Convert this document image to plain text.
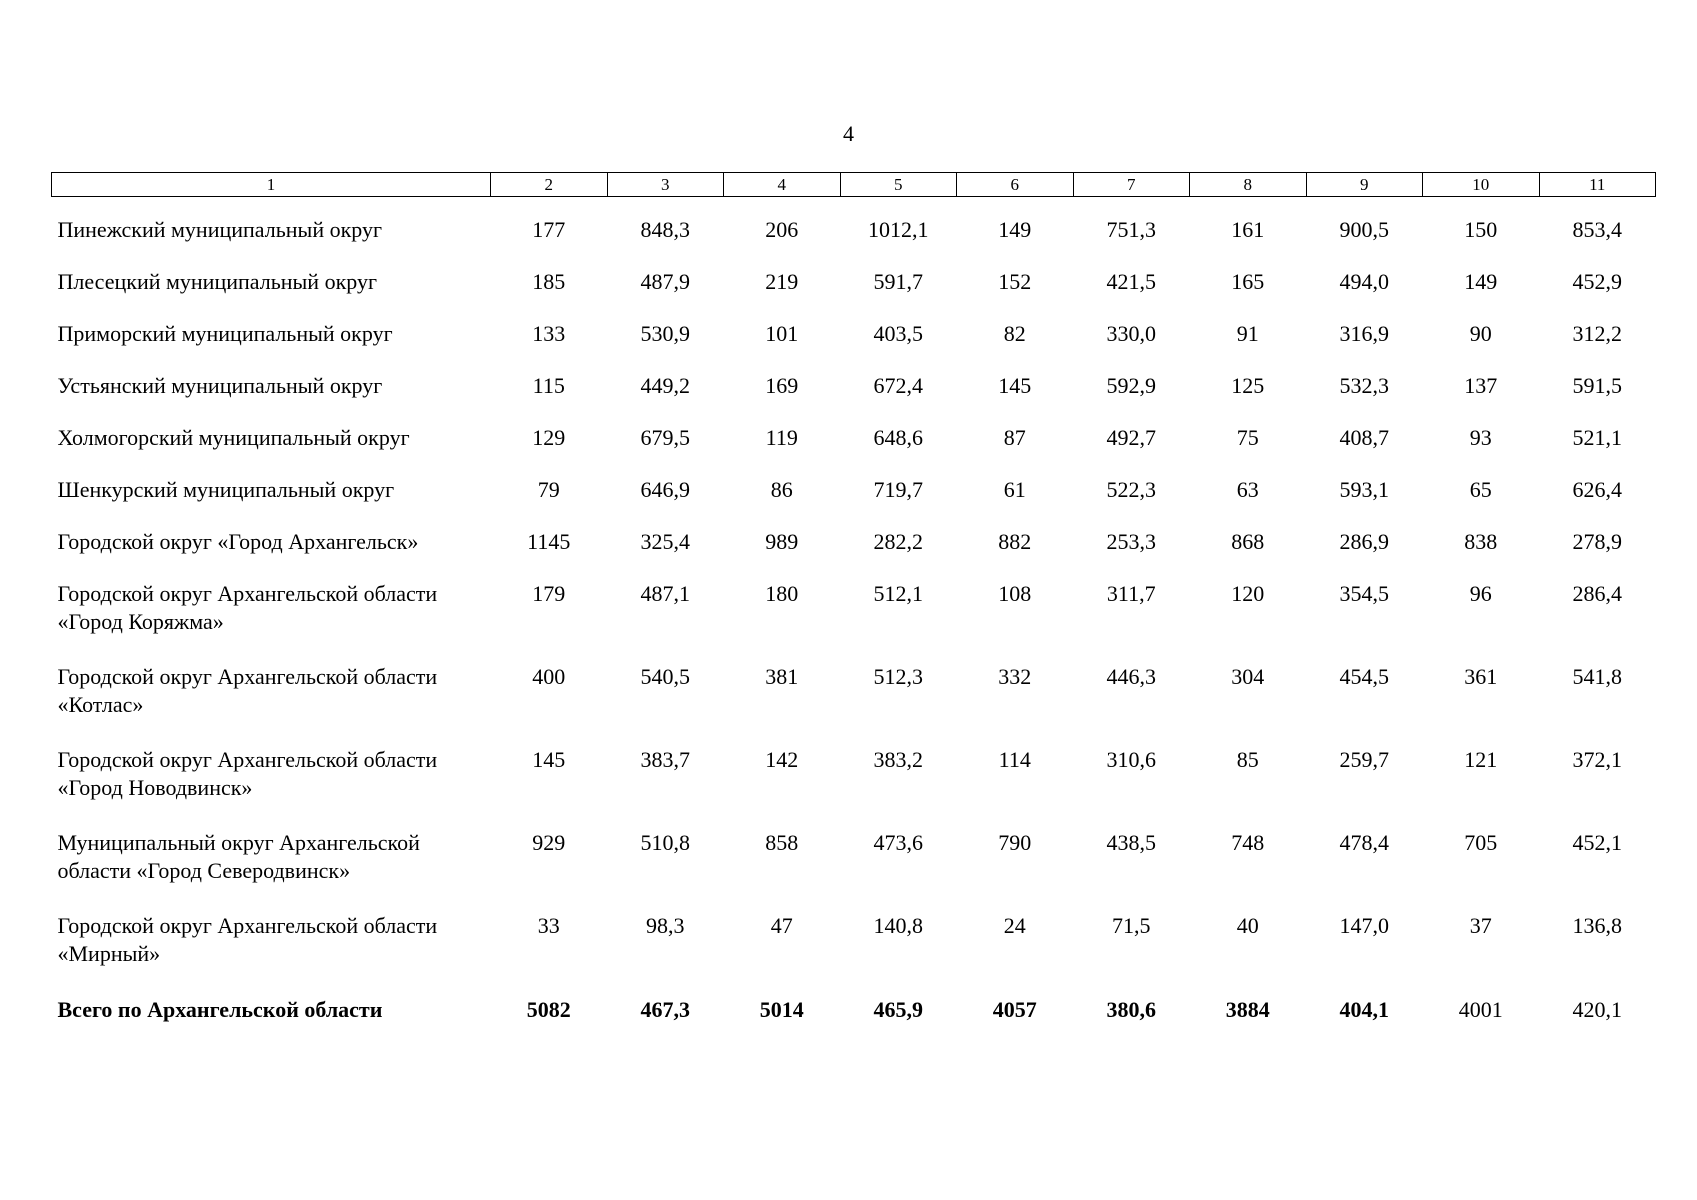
4
1	2	3	4	5	6	7	8	9	10	11

Пинежский муниципальный округ	177	848,3	206	1012,1	149	751,3	161	900,5	150	853,4
Плесецкий муниципальный округ	185	487,9	219	591,7	152	421,5	165	494,0	149	452,9
Приморский муниципальный округ	133	530,9	101	403,5	82	330,0	91	316,9	90	312,2
Устьянский муниципальный округ	115	449,2	169	672,4	145	592,9	125	532,3	137	591,5
Холмогорский муниципальный округ	129	679,5	119	648,6	87	492,7	75	408,7	93	521,1
Шенкурский муниципальный округ	79	646,9	86	719,7	61	522,3	63	593,1	65	626,4
Городской округ «Город Архангельск»	1145	325,4	989	282,2	882	253,3	868	286,9	838	278,9
Городской округ Архангельской области «Город Коряжма»	179	487,1	180	512,1	108	311,7	120	354,5	96	286,4
Городской округ Архангельской области «Котлас»	400	540,5	381	512,3	332	446,3	304	454,5	361	541,8
Городской округ Архангельской области «Город Новодвинск»	145	383,7	142	383,2	114	310,6	85	259,7	121	372,1
Муниципальный округ Архангельской области «Город Северодвинск»	929	510,8	858	473,6	790	438,5	748	478,4	705	452,1
Городской округ Архангельской области «Мирный»	33	98,3	47	140,8	24	71,5	40	147,0	37	136,8
Всего по Архангельской области	5082	467,3	5014	465,9	4057	380,6	3884	404,1	4001	420,1
